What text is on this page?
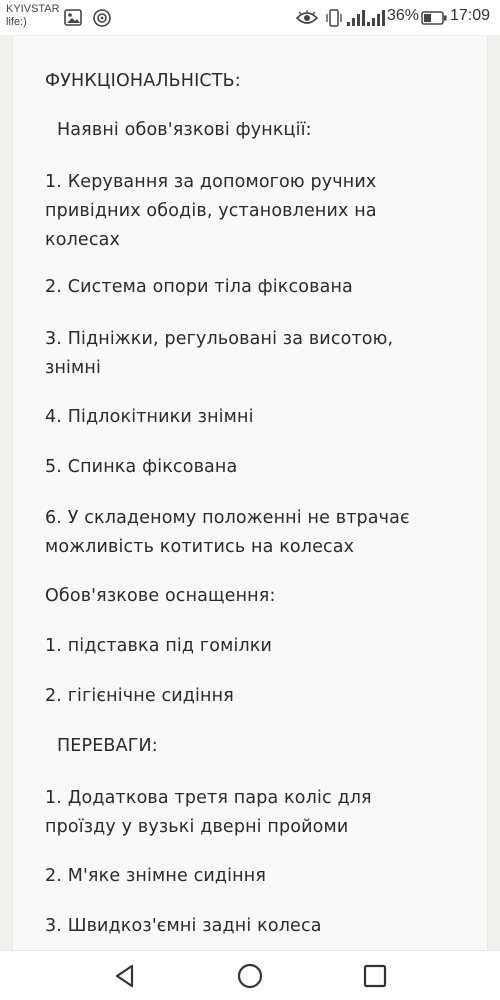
KYIVSTAR
life:)	36% 17:09
ФУНКЦІОНАЛЬНІСТЬ:
Наявні обов'язкові функції:
1. Керування за допомогою ручних
привідних ободів, установлених на
колесах
2. Система опори тіла фіксована
3. Підніжки, регульовані за висотою,
знімні
4. Підлокітники знімні
5. Спинка фіксована
6. У складеному положенні не втрачає
можливість котитись на колесах
Обов'язкове оснащення:
1. підставка під гомілки
2. гігієнічне сидіння
ПЕРЕВАГИ:
1. Додаткова третя пара коліс для
проїзду у вузькі дверні пройоми
2. М'яке знімне сидіння
3. Швидкоз'ємні задні колеса
